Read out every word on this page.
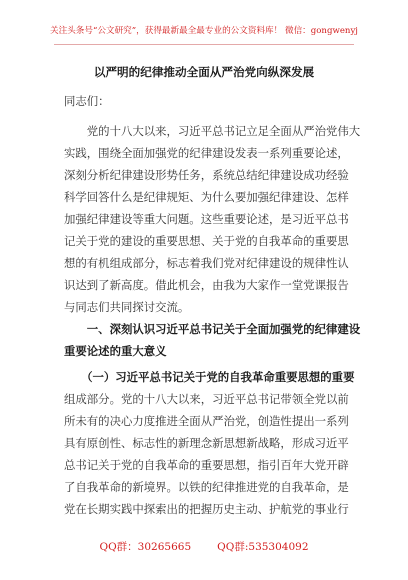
关注头条号“公文研究”，获得最新最全最专业的公文资料库！ 微信：gongwenyj
以严明的纪律推动全面从严治党向纵深发展
同志们：
　　党的十八大以来，习近平总书记立足全面从严治党伟大
实践，围绕全面加强党的纪律建设发表一系列重要论述，
深刻分析纪律建设形势任务，系统总结纪律建设成功经验
科学回答什么是纪律规矩、为什么要加强纪律建设、怎样
加强纪律建设等重大问题。这些重要论述，是习近平总书
记关于党的建设的重要思想、关于党的自我革命的重要思
想的有机组成部分，标志着我们党对纪律建设的规律性认
识达到了新高度。借此机会，由我为大家作一堂党课报告
与同志们共同探讨交流。
　　一、深刻认识习近平总书记关于全面加强党的纪律建设
重要论述的重大意义
　　（一）习近平总书记关于党的自我革命重要思想的重要
组成部分。党的十八大以来，习近平总书记带领全党以前
所未有的决心力度推进全面从严治党，创造性提出一系列
具有原创性、标志性的新理念新思想新战略，形成习近平
总书记关于党的自我革命的重要思想，指引百年大党开辟
了自我革命的新境界。以铁的纪律推进党的自我革命，是
党在长期实践中探索出的把握历史主动、护航党的事业行
QQ群：30265665 QQ群:535304092
